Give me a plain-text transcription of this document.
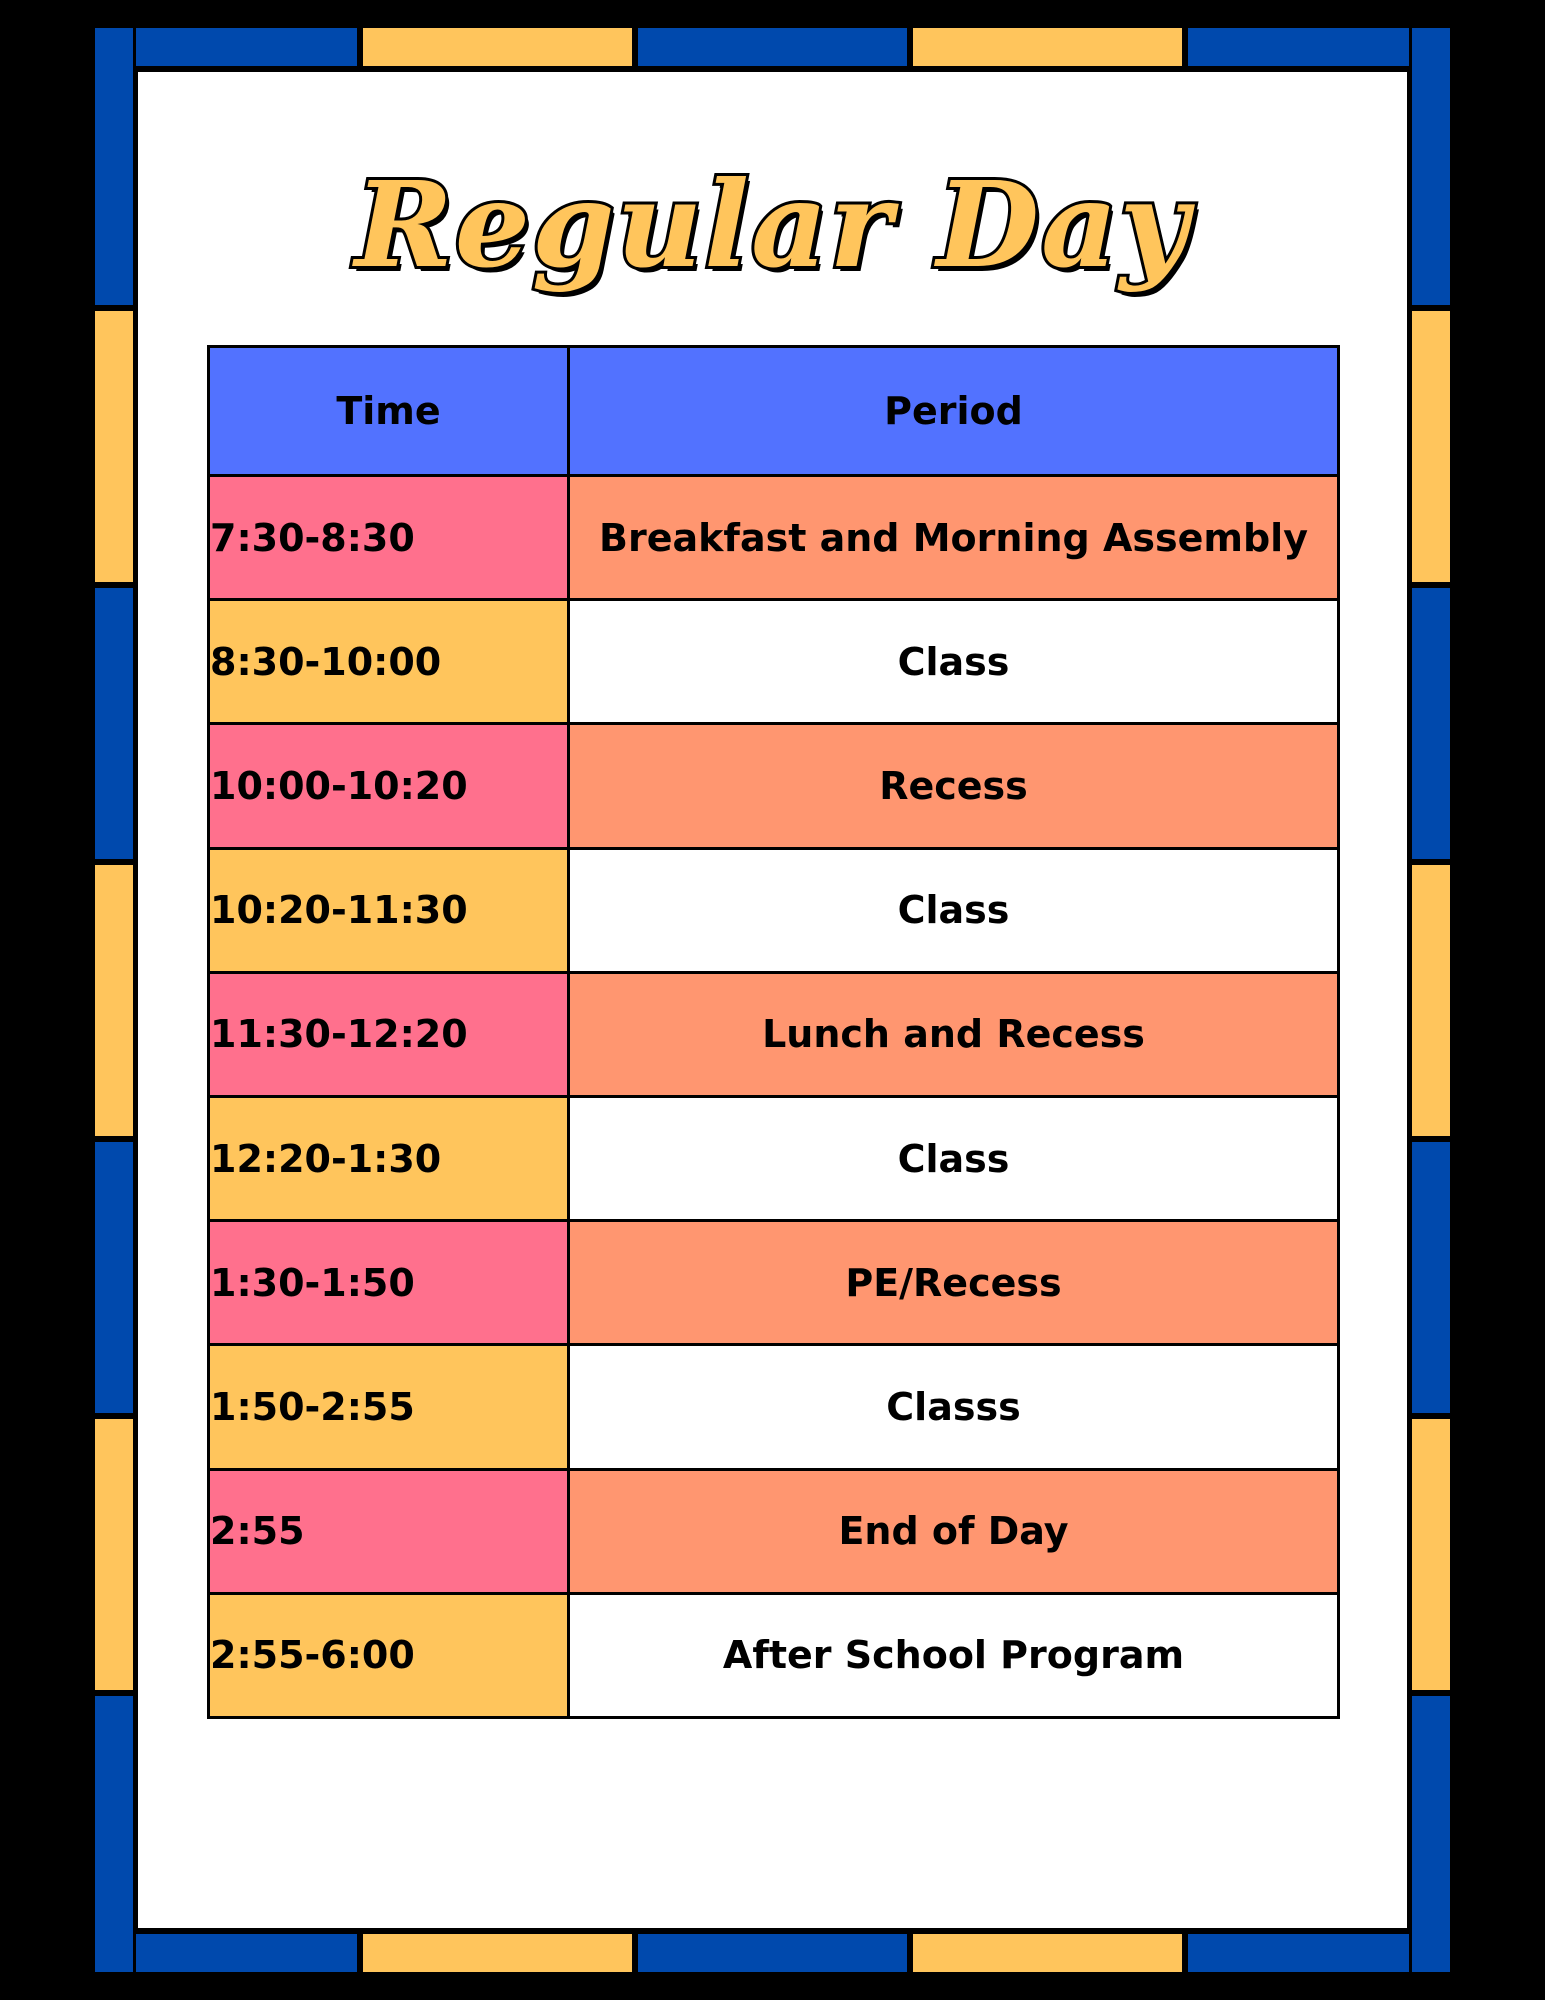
Regular Day
Time	Period
7:30-8:30	Breakfast and Morning Assembly
8:30-10:00	Class
10:00-10:20	Recess
10:20-11:30	Class
11:30-12:20	Lunch and Recess
12:20-1:30	Class
1:30-1:50	PE/Recess
1:50-2:55	Classs
2:55	End of Day
2:55-6:00	After School Program
